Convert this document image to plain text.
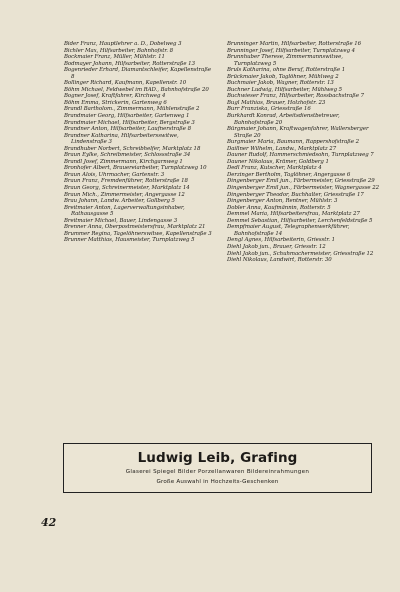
Bider Franz, Hauptlehrer a. D., Dobelweg 3

Bichler Max, Hilfsarbeiter, Bahnhofstr. 8

Bockmaier Franz, Müller, Mühlstr. 11

Bodmayer Johann, Hilfsarbeiter, Rotterstraße 13

Bogenrieder Erhard, Diamantschleifer, Kapellenstraße 8

Bollinger Richard, Kaufmann, Kapellenstr. 10

Böhm Michael, Feldwebel im RAD., Bahnhofstraße 20

Bogner Josef, Kraftfahrer, Kirchweg 4

Böhm Emma, Strickerin, Gartenweg 6

Brandl Bartholom., Zimmermann, Mühlenstraße 2

Brandmaier Georg, Hilfsarbeiter, Gartenweg 1

Brandmaier Michael, Hilfsarbeiter, Bergstraße 3

Brandner Anton, Hilfsarbeiter, Laufnerstraße 8

Brandner Katharina, Hilfsarbeitersswitwe, Lindenstraße 3

Brandhuber Norbert, Schreibhelfer, Marktplatz 18

Braun Eylke, Schreibmeister, Schlossstraße 34

Brandl Josef, Zimmermann, Kirchgarnweg 1

Bronhofer Albert, Brauereiarbeiter, Turnplatzweg 10

Braun Alois, Uhrmacher, Gartenstr. 3

Braun Franz, Fremdenführer, Rotterstraße 18

Braun Georg, Schreinermeister, Marktplatz 14

Braun Mich., Zimmermeister, Angergasse 12

Brau Johann, Landw. Arbeiter, Gollberg 5

Breitmaier Anton, Lagerverwaltungsinhaber, Rathausgasse 5

Breitmaier Michael, Bauer, Lindengasse 3

Brenner Anna, Oberpostmeistersfrau, Marktplatz 21

Brummer Regina, Tagelöhnerswitwe, Kapellenstraße 3

Brunner Matthias, Hausmeister, Turnplatzweg 5

Brunninger Martin, Hilfsarbeiter, Rotterstraße 16

Brunninger Josef, Hilfsarbeiter, Turnplatzweg 4

Brunnhuber Therese, Zimmermannswitwe, Turnplatzweg 5

Bruls Katharina, ohne Beruf, Rotterstraße 1

Brückmaier Jakob, Taglöhner, Mühlweg 2

Buchmaier Jakob, Wagner, Rotterstr. 13

Buchner Ludwig, Hilfsarbeiter, Mühlweg 5

Buchwieser Franz, Hilfsarbeiter, Rossbachstraße 7

Bugl Mathias, Brauer, Holzhofstr. 23

Burr Franziska, Griesstraße 16

Burkhardt Konrad, Arbeitsdienstbetreuer, Bahnhofstraße 20

Bürgmaier Johann, Kraftwagenfahrer, Wallersberger Straße 20

Burgmaier Maria, Baumann, Rappershofstraße 2

Daillner Wilhelm, Landw., Marktplatz 27

Dauner Rudolf, Hammerschmiedsohn, Turnplatzweg 7

Dauner Nikolaus, Krämer, Goldberg 1

Dedl Franz, Kutscher, Marktplatz 4

Derzinger Bertholm, Taglöhner, Angergasse 6

Dingenberger Emil jun., Färbermeister, Griesstraße 29

Dingenberger Emil jun., Färbermeister, Wagnergasse 22

Dingenberger Theodor, Buchhalter, Griesstraße 17

Dingenberger Anton, Rentner, Mühlstr. 3

Dobler Anna, Kaufmännin, Rotterstr. 5

Demmel Maria, Hilfsarbeitersfrau, Marktplatz 27

Demmel Sebastian, Hilfsarbeiter, Lerchenfeldstraße 5

Dempfmaier August, Telegraphenwerkführer, Bahnhofstraße 14

Dengl Agnes, Hilfsarbeiterin, Griesstr. 1

Diehl Jakob jun., Brauer, Griesstr. 12

Diehl Jakob jun., Schuhmachermeister, Griesstraße 12

Diehl Nikolaus, Landwirt, Rotterstr. 30

Ludwig Leib, Grafing
Glaserei Spiegel Bilder Porzellanwaren Bildereinrahmungen
Große Auswahl in Hochzeits-Geschenken
42
